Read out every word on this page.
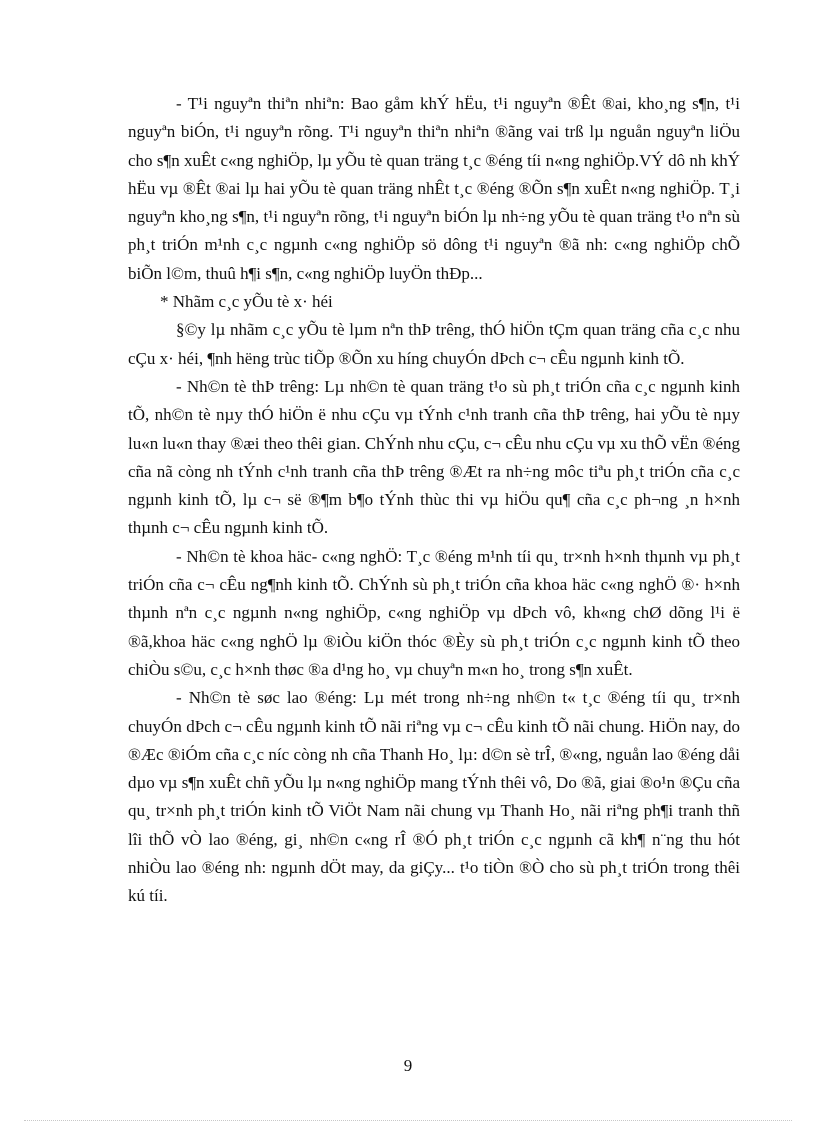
- T¹i nguyªn thiªn nhiªn: Bao gåm khÝ hËu, t¹i nguyªn ®Êt ®ai, kho¸ng s¶n, t¹i nguyªn biÓn, t¹i nguyªn rõng. T¹i nguyªn thiªn nhiªn ®ãng vai trß lµ nguån nguyªn liÖu cho s¶n xuÊt c«ng nghiÖp, lµ yÕu tè quan träng t¸c ®éng tíi n«ng nghiÖp.VÝ dô nh khÝ hËu vµ ®Êt ®ai lµ hai yÕu tè quan träng nhÊt t¸c ®éng ®Õn s¶n xuÊt n«ng nghiÖp. T¸i nguyªn kho¸ng s¶n, t¹i nguyªn rõng, t¹i nguyªn biÓn lµ nh÷ng yÕu tè quan träng t¹o nªn sù ph¸t triÓn m¹nh c¸c ngµnh c«ng nghiÖp sö dông t¹i nguyªn ®ã nh: c«ng nghiÖp chÕ biÕn l©m, thuû h¶i s¶n, c«ng nghiÖp luyÖn thÐp...

* Nhãm c¸c yÕu tè x· héi

§©y lµ nhãm c¸c yÕu tè lµm nªn thÞ trêng, thÓ hiÖn tÇm quan träng cña c¸c nhu cÇu x· héi, ¶nh hëng trùc tiÕp ®Õn xu híng chuyÓn dÞch c¬ cÊu ngµnh kinh tÕ.

- Nh©n tè thÞ trêng: Lµ nh©n tè quan träng t¹o sù ph¸t triÓn cña c¸c ngµnh kinh tÕ, nh©n tè nµy thÓ hiÖn ë nhu cÇu vµ tÝnh c¹nh tranh cña thÞ trêng, hai yÕu tè nµy lu«n lu«n thay ®æi theo thêi gian. ChÝnh nhu cÇu, c¬ cÊu nhu cÇu vµ xu thÕ vËn ®éng cña nã còng nh tÝnh c¹nh tranh cña thÞ trêng ®Æt ra nh÷ng môc tiªu ph¸t triÓn cña c¸c ngµnh kinh tÕ, lµ c¬ së ®¶m b¶o tÝnh thùc thi vµ hiÖu qu¶ cña c¸c ph¬ng ¸n h×nh thµnh c¬ cÊu ngµnh kinh tÕ.

- Nh©n tè khoa häc- c«ng nghÖ: T¸c ®éng m¹nh tíi qu¸ tr×nh h×nh thµnh vµ ph¸t triÓn cña c¬ cÊu ng¶nh kinh tÕ. ChÝnh sù ph¸t triÓn cña khoa häc c«ng nghÖ ®· h×nh thµnh nªn c¸c ngµnh n«ng nghiÖp, c«ng nghiÖp vµ dÞch vô, kh«ng chØ dõng l¹i ë ®ã,khoa häc c«ng nghÖ lµ ®iÒu kiÖn thóc ®Èy sù ph¸t triÓn c¸c ngµnh kinh tÕ theo chiÒu s©u, c¸c h×nh thøc ®a d¹ng ho¸ vµ chuyªn m«n ho¸ trong s¶n xuÊt.

- Nh©n tè søc lao ®éng: Lµ mét trong nh÷ng nh©n t« t¸c ®éng tíi qu¸ tr×nh chuyÓn dÞch c¬ cÊu ngµnh kinh tÕ nãi riªng vµ c¬ cÊu kinh tÕ nãi chung. HiÖn nay, do ®Æc ®iÓm cña c¸c níc còng nh cña Thanh Ho¸ lµ: d©n sè trÎ, ®«ng, nguån lao ®éng dåi dµo vµ s¶n xuÊt chñ yÕu lµ n«ng nghiÖp mang tÝnh thêi vô, Do ®ã, giai ®o¹n ®Çu cña qu¸ tr×nh ph¸t triÓn kinh tÕ ViÖt Nam nãi chung vµ Thanh Ho¸ nãi riªng ph¶i tranh thñ lîi thÕ vÒ lao ®éng, gi¸ nh©n c«ng rÎ ®Ó ph¸t triÓn c¸c ngµnh cã kh¶ n¨ng thu hót nhiÒu lao ®éng nh: ngµnh dÖt may, da giÇy... t¹o tiÒn ®Ò cho sù ph¸t triÓn trong thêi kú tíi.

9
